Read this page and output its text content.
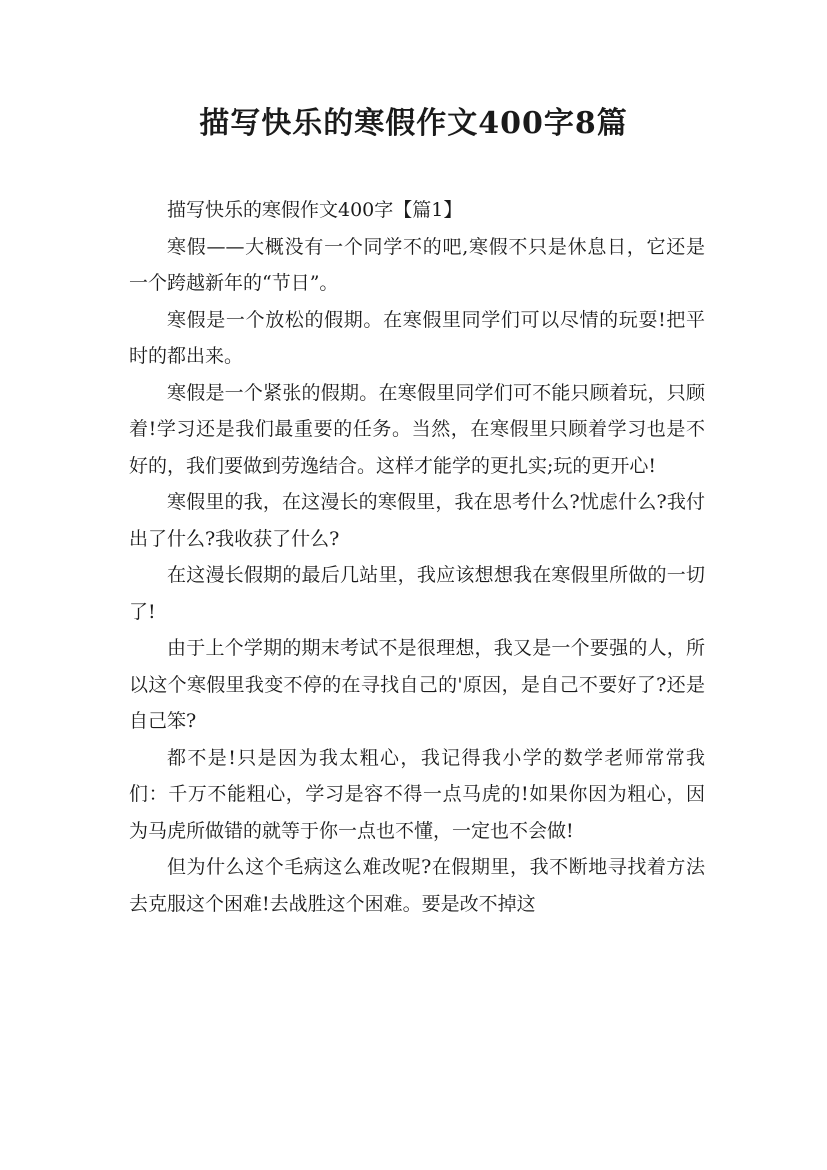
描写快乐的寒假作文400字8篇

描写快乐的寒假作文400字【篇1】

寒假——大概没有一个同学不的吧,寒假不只是休息日，它还是一个跨越新年的“节日”。

寒假是一个放松的假期。在寒假里同学们可以尽情的玩耍!把平时的都出来。

寒假是一个紧张的假期。在寒假里同学们可不能只顾着玩，只顾着!学习还是我们最重要的任务。当然，在寒假里只顾着学习也是不好的，我们要做到劳逸结合。这样才能学的更扎实;玩的更开心!

寒假里的我，在这漫长的寒假里，我在思考什么?忧虑什么?我付出了什么?我收获了什么?

在这漫长假期的最后几站里，我应该想想我在寒假里所做的一切了!

由于上个学期的期末考试不是很理想，我又是一个要强的人，所以这个寒假里我变不停的在寻找自己的'原因，是自己不要好了?还是自己笨?

都不是!只是因为我太粗心，我记得我小学的数学老师常常我们：千万不能粗心，学习是容不得一点马虎的!如果你因为粗心，因为马虎所做错的就等于你一点也不懂，一定也不会做!

但为什么这个毛病这么难改呢?在假期里，我不断地寻找着方法去克服这个困难!去战胜这个困难。要是改不掉这
